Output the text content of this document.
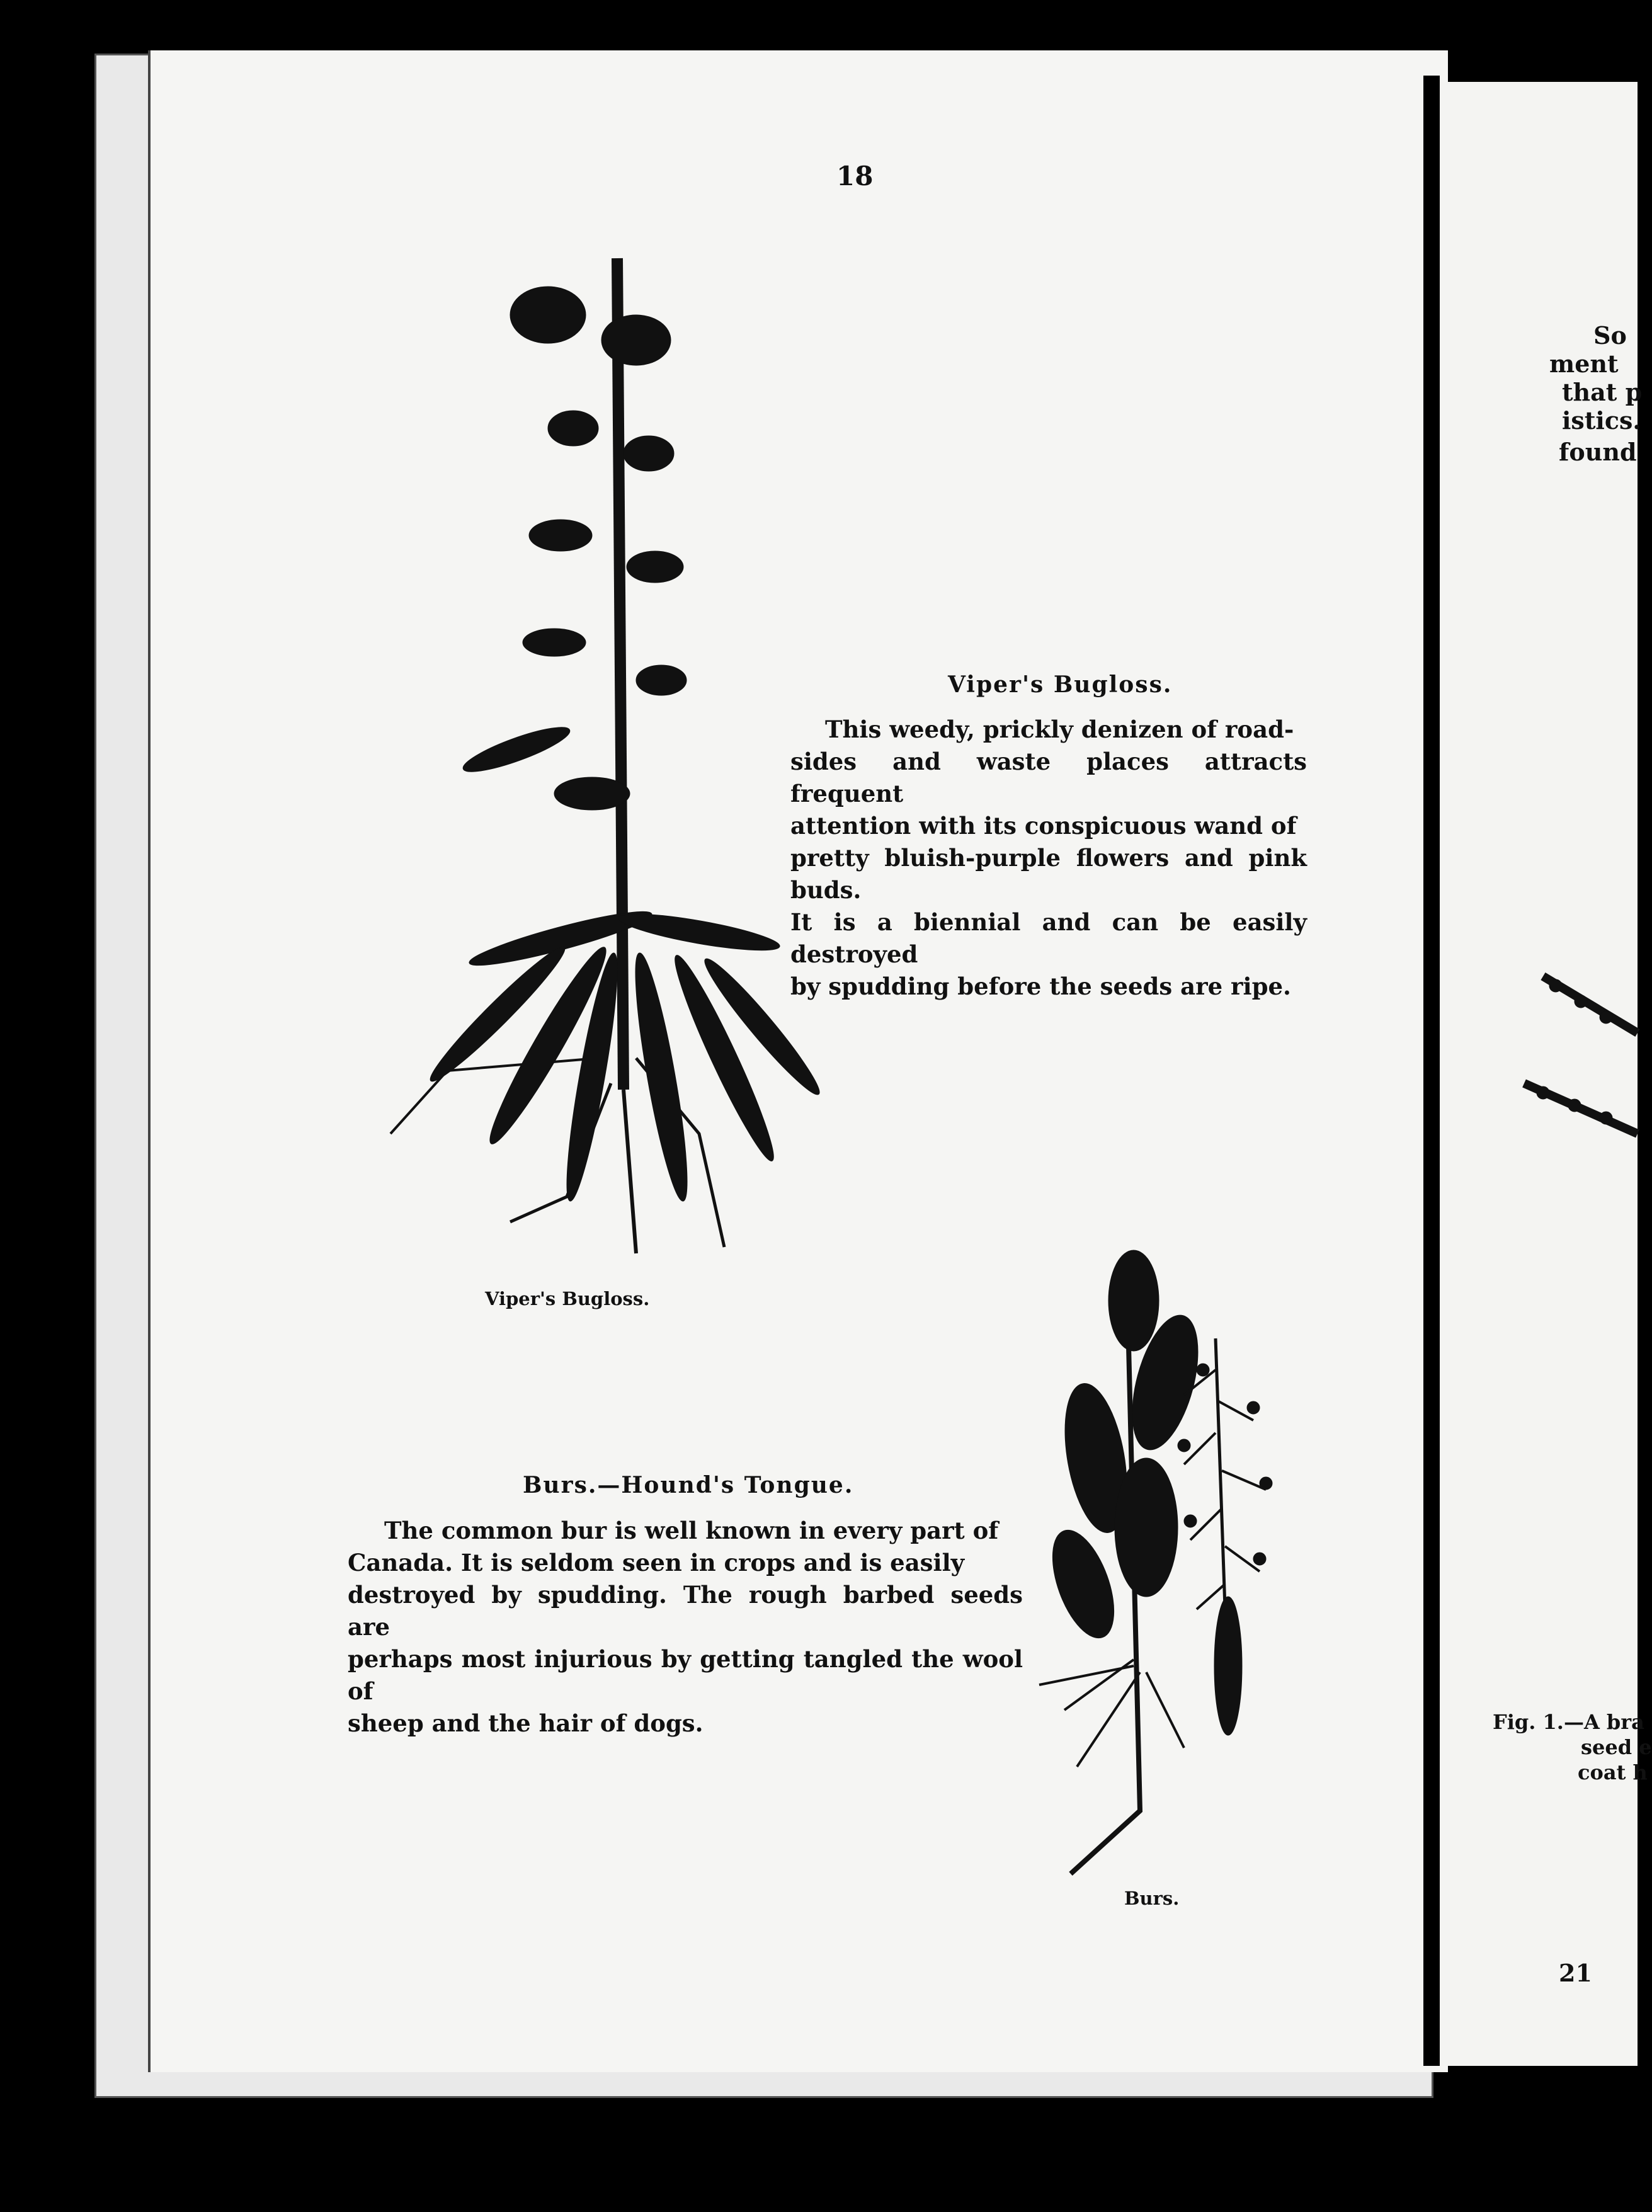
18
Viper's Bugloss.
This weedy, prickly denizen of road-
sides and waste places attracts frequent
attention with its conspicuous wand of
pretty bluish-purple flowers and pink buds.
It is a biennial and can be easily destroyed
by spudding before the seeds are ripe.
Viper's Bugloss.
Burs.—Hound's Tongue.
The common bur is well known in every part of
Canada. It is seldom seen in crops and is easily
destroyed by spudding. The rough barbed seeds are
perhaps most injurious by getting tangled the wool of
sheep and the hair of dogs.
Burs.
So
ment
that p
istics.
found
Fig. 1.—A bra
seed e
coat h
21
